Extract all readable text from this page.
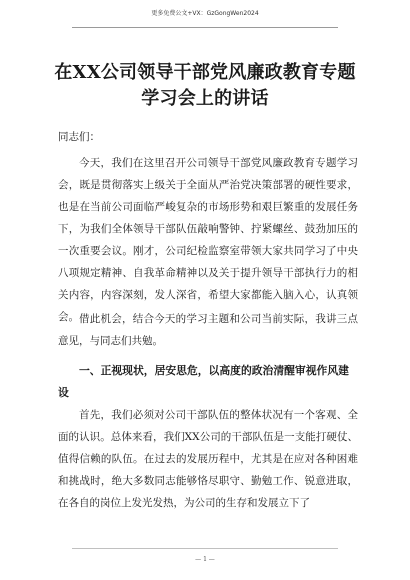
更多免费公文+VX：GzGongWen2024
在XX公司领导干部党风廉政教育专题学习会上的讲话
同志们：
今天，我们在这里召开公司领导干部党风廉政教育专题学习会，既是贯彻落实上级关于全面从严治党决策部署的硬性要求，也是在当前公司面临严峻复杂的市场形势和艰巨繁重的发展任务下，为我们全体领导干部队伍敲响警钟、拧紧螺丝、鼓劲加压的一次重要会议。刚才，公司纪检监察室带领大家共同学习了中央八项规定精神、自我革命精神以及关于提升领导干部执行力的相关内容，内容深刻，发人深省，希望大家都能入脑入心，认真领会。 借此机会，结合今天的学习主题和公司当前实际，我讲三点意见，与同志们共勉。
一、正视现状，居安思危，以高度的政治清醒审视作风建设
首先，我们必须对公司干部队伍的整体状况有一个客观、全面的认识。总体来看，我们XX公司的干部队伍是一支能打硬仗、值得信赖的队伍。在过去的发展历程中，尤其是在应对各种困难和挑战时，绝大多数同志能够恪尽职守、勤勉工作、锐意进取，在各自的岗位上发光发热，为公司的生存和发展立下了
— 1 —
